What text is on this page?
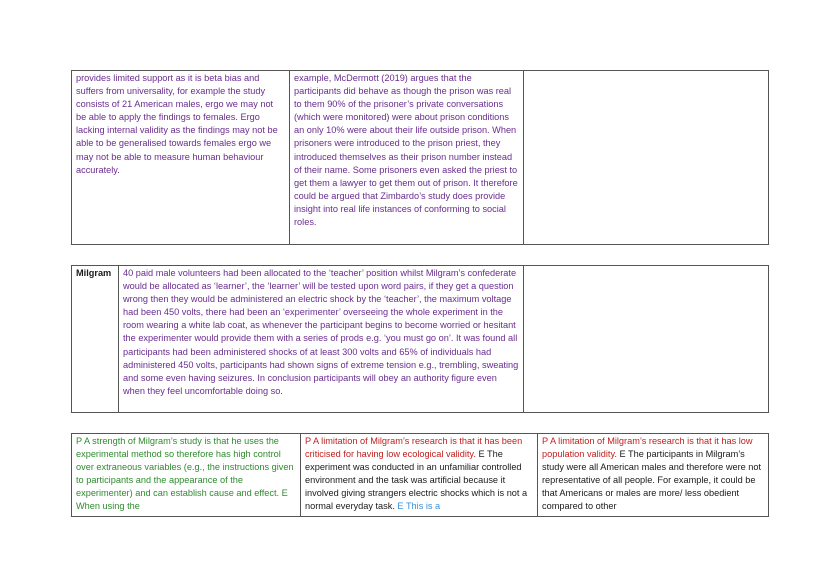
provides limited support as it is beta bias and suffers from universality, for example the study consists of 21 American males, ergo we may not be able to apply the findings to females. Ergo lacking internal validity as the findings may not be able to be generalised towards females ergo we may not be able to measure human behaviour accurately.	example, McDermott (2019) argues that the participants did behave as though the prison was real to them 90% of the prisoner’s private conversations (which were monitored) were about prison conditions an only 10% were about their life outside prison. When prisoners were introduced to the prison priest, they introduced themselves as their prison number instead of their name. Some prisoners even asked the priest to get them a lawyer to get them out of prison. It therefore could be argued that Zimbardo’s study does provide insight into real life instances of conforming to social roles.	
Milgram	40 paid male volunteers had been allocated to the ‘teacher’ position whilst Milgram’s confederate would be allocated as ‘learner’, the ‘learner’ will be tested upon word pairs, if they get a question wrong then they would be administered an electric shock by the ‘teacher’, the maximum voltage had been 450 volts, there had been an ‘experimenter’ overseeing the whole experiment in the room wearing a white lab coat, as whenever the participant begins to become worried or hesitant the experimenter would provide them with a series of prods e.g. ‘you must go on’. It was found all participants had been administered shocks of at least 300 volts and 65% of individuals had administered 450 volts, participants had shown signs of extreme tension e.g., trembling, sweating and some even having seizures. In conclusion participants will obey an authority figure even when they feel uncomfortable doing so.	
P A strength of Milgram’s study is that he uses the experimental method so therefore has high control over extraneous variables (e.g., the instructions given to participants and the appearance of the experimenter) and can establish cause and effect. E When using the	P A limitation of Milgram’s research is that it has been criticised for having low ecological validity. E The experiment was conducted in an unfamiliar controlled environment and the task was artificial because it involved giving strangers electric shocks which is not a normal everyday task. E This is a	P A limitation of Milgram’s research is that it has low population validity. E The participants in Milgram’s study were all American males and therefore were not representative of all people. For example, it could be that Americans or males are more/ less obedient compared to other
